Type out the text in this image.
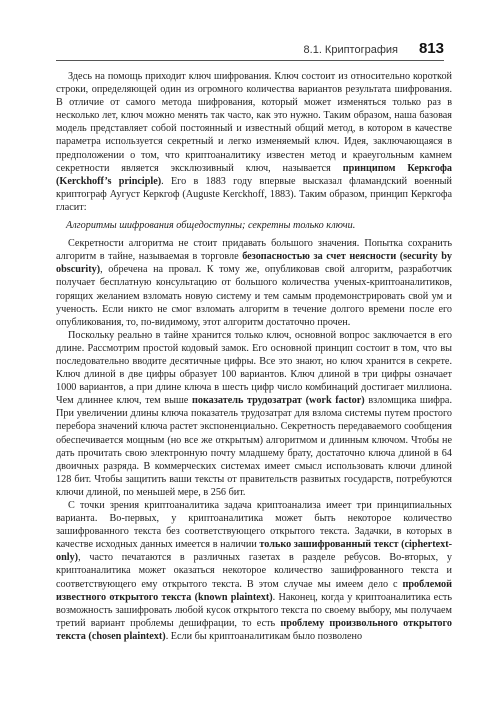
8.1. Криптография 813

Здесь на помощь приходит ключ шифрования. Ключ состоит из относительно короткой строки, определяющей один из огромного количества вариантов результата шифрования. В отличие от самого метода шифрования, который может изменяться только раз в несколько лет, ключ можно менять так часто, как это нужно. Таким образом, наша базовая модель представляет собой постоянный и известный общий метод, в котором в качестве параметра используется секретный и легко изменяемый ключ. Идея, заключающаяся в предположении о том, что криптоаналитику известен метод и краеугольным камнем секретности является эксклюзивный ключ, называется принципом Керкгофа (Kerckhoff’s principle). Его в 1883 году впервые высказал фламандский военный криптограф Аугуст Керкгоф (Auguste Kerckhoff, 1883). Таким образом, принцип Керкгофа гласит:

Алгоритмы шифрования общедоступны; секретны только ключи.

Секретности алгоритма не стоит придавать большого значения. Попытка сохранить алгоритм в тайне, называемая в торговле безопасностью за счет неясности (security by obscurity), обречена на провал. К тому же, опубликовав свой алгоритм, разработчик получает бесплатную консультацию от большого количества ученых-криптоаналитиков, горящих желанием взломать новую систему и тем самым продемонстрировать свой ум и ученость. Если никто не смог взломать алгоритм в течение долгого времени после его опубликования, то, по-видимому, этот алгоритм достаточно прочен.

Поскольку реально в тайне хранится только ключ, основной вопрос заключается в его длине. Рассмотрим простой кодовый замок. Его основной принцип состоит в том, что вы последовательно вводите десятичные цифры. Все это знают, но ключ хранится в секрете. Ключ длиной в две цифры образует 100 вариантов. Ключ длиной в три цифры означает 1000 вариантов, а при длине ключа в шесть цифр число комбинаций достигает миллиона. Чем длиннее ключ, тем выше показатель трудозатрат (work factor) взломщика шифра. При увеличении длины ключа показатель трудозатрат для взлома системы путем простого перебора значений ключа растет экспоненциально. Секретность передаваемого сообщения обеспечивается мощным (но все же открытым) алгоритмом и длинным ключом. Чтобы не дать прочитать свою электронную почту младшему брату, достаточно ключа длиной в 64 двоичных разряда. В коммерческих системах имеет смысл использовать ключи длиной 128 бит. Чтобы защитить ваши тексты от правительств развитых государств, потребуются ключи длиной, по меньшей мере, в 256 бит.

С точки зрения криптоаналитика задача криптоанализа имеет три принципиальных варианта. Во-первых, у криптоаналитика может быть некоторое количество зашифрованного текста без соответствующего открытого текста. Задачки, в которых в качестве исходных данных имеется в наличии только зашифрованный текст (ciphertext-only), часто печатаются в различных газетах в разделе ребусов. Во-вторых, у криптоаналитика может оказаться некоторое количество зашифрованного текста и соответствующего ему открытого текста. В этом случае мы имеем дело с проблемой известного открытого текста (known plaintext). Наконец, когда у криптоаналитика есть возможность зашифровать любой кусок открытого текста по своему выбору, мы получаем третий вариант проблемы дешифрации, то есть проблему произвольного открытого текста (chosen plaintext). Если бы криптоаналитикам было позволено
